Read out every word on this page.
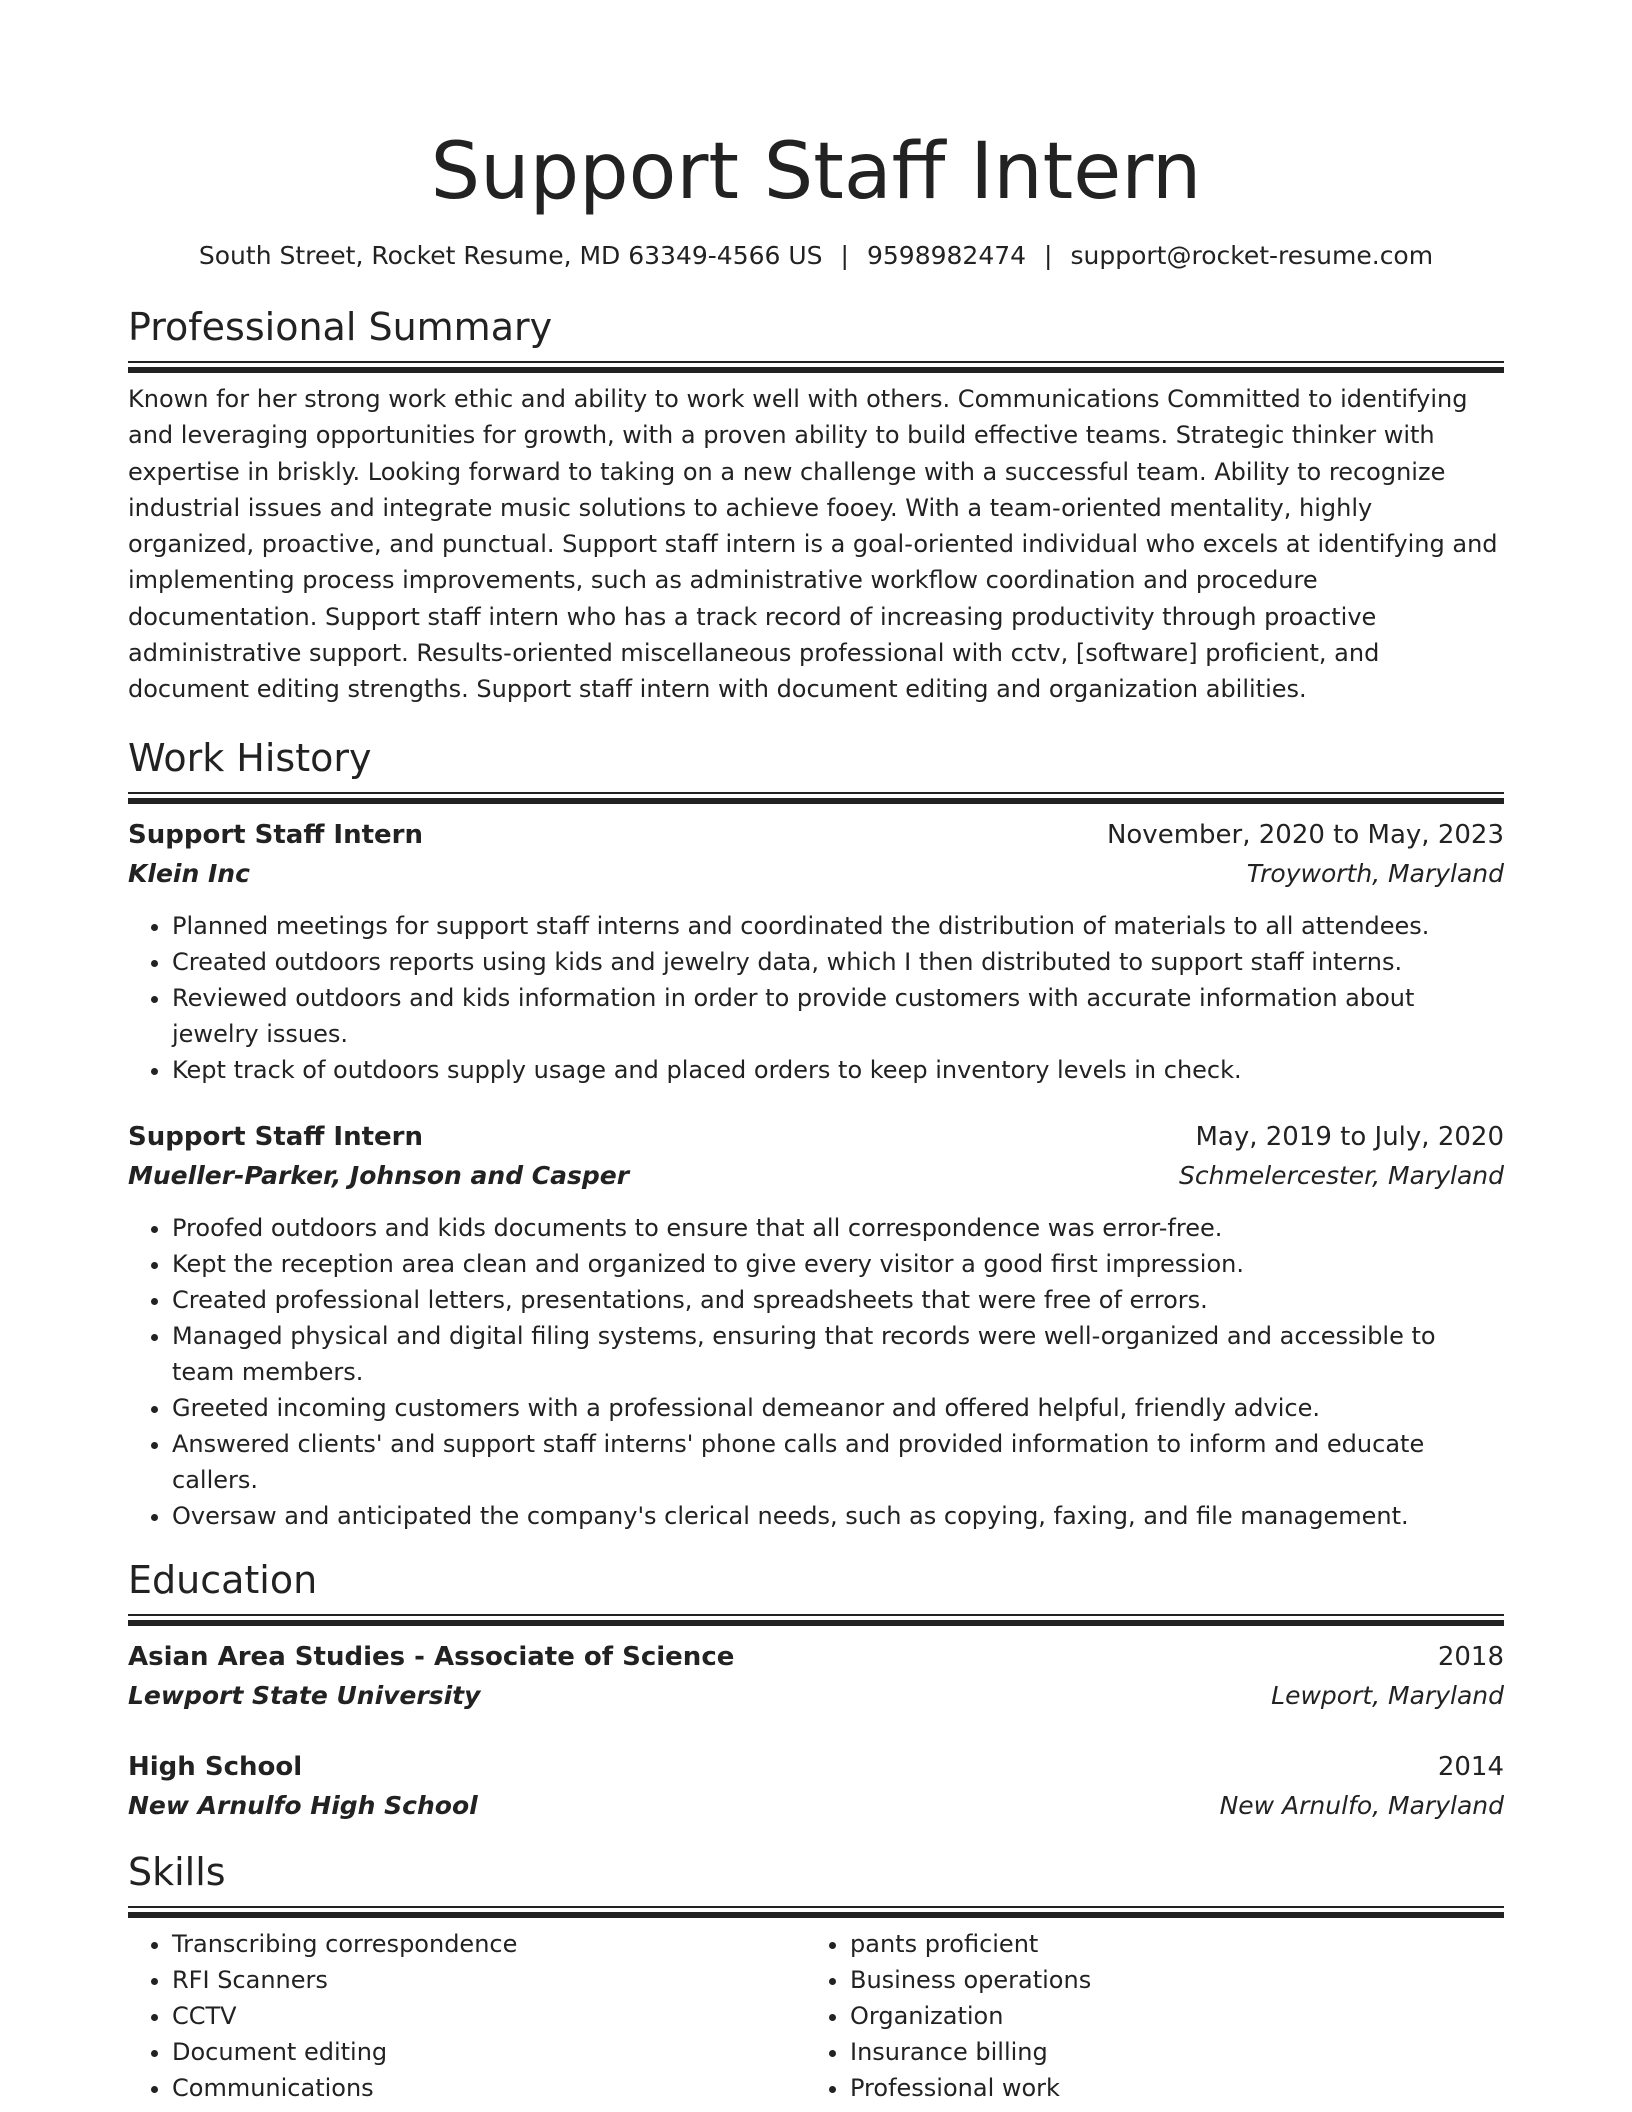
Support Staff Intern
South Street, Rocket Resume, MD 63349-4566 US | 9598982474 | support@rocket-resume.com
Professional Summary

Known for her strong work ethic and ability to work well with others. Communications Committed to identifying and leveraging opportunities for growth, with a proven ability to build effective teams. Strategic thinker with expertise in briskly. Looking forward to taking on a new challenge with a successful team. Ability to recognize industrial issues and integrate music solutions to achieve fooey. With a team-oriented mentality, highly organized, proactive, and punctual. Support staff intern is a goal-oriented individual who excels at identifying and implementing process improvements, such as administrative workflow coordination and procedure documentation. Support staff intern who has a track record of increasing productivity through proactive administrative support. Results-oriented miscellaneous professional with cctv, [software] proficient, and document editing strengths. Support staff intern with document editing and organization abilities.

Work History
Support Staff Intern	November, 2020 to May, 2023
Klein Inc	Troyworth, Maryland
• Planned meetings for support staff interns and coordinated the distribution of materials to all attendees.
• Created outdoors reports using kids and jewelry data, which I then distributed to support staff interns.
• Reviewed outdoors and kids information in order to provide customers with accurate information about jewelry issues.
• Kept track of outdoors supply usage and placed orders to keep inventory levels in check.
Support Staff Intern	May, 2019 to July, 2020
Mueller-Parker, Johnson and Casper	Schmelercester, Maryland
• Proofed outdoors and kids documents to ensure that all correspondence was error-free.
• Kept the reception area clean and organized to give every visitor a good first impression.
• Created professional letters, presentations, and spreadsheets that were free of errors.
• Managed physical and digital filing systems, ensuring that records were well-organized and accessible to team members.
• Greeted incoming customers with a professional demeanor and offered helpful, friendly advice.
• Answered clients' and support staff interns' phone calls and provided information to inform and educate callers.
• Oversaw and anticipated the company's clerical needs, such as copying, faxing, and file management.
Education
Asian Area Studies - Associate of Science	2018
Lewport State University	Lewport, Maryland
High School	2014
New Arnulfo High School	New Arnulfo, Maryland
Skills
• Transcribing correspondence
• RFI Scanners
• CCTV
• Document editing
• Communications
• pants proficient
• Business operations
• Organization
• Insurance billing
• Professional work
